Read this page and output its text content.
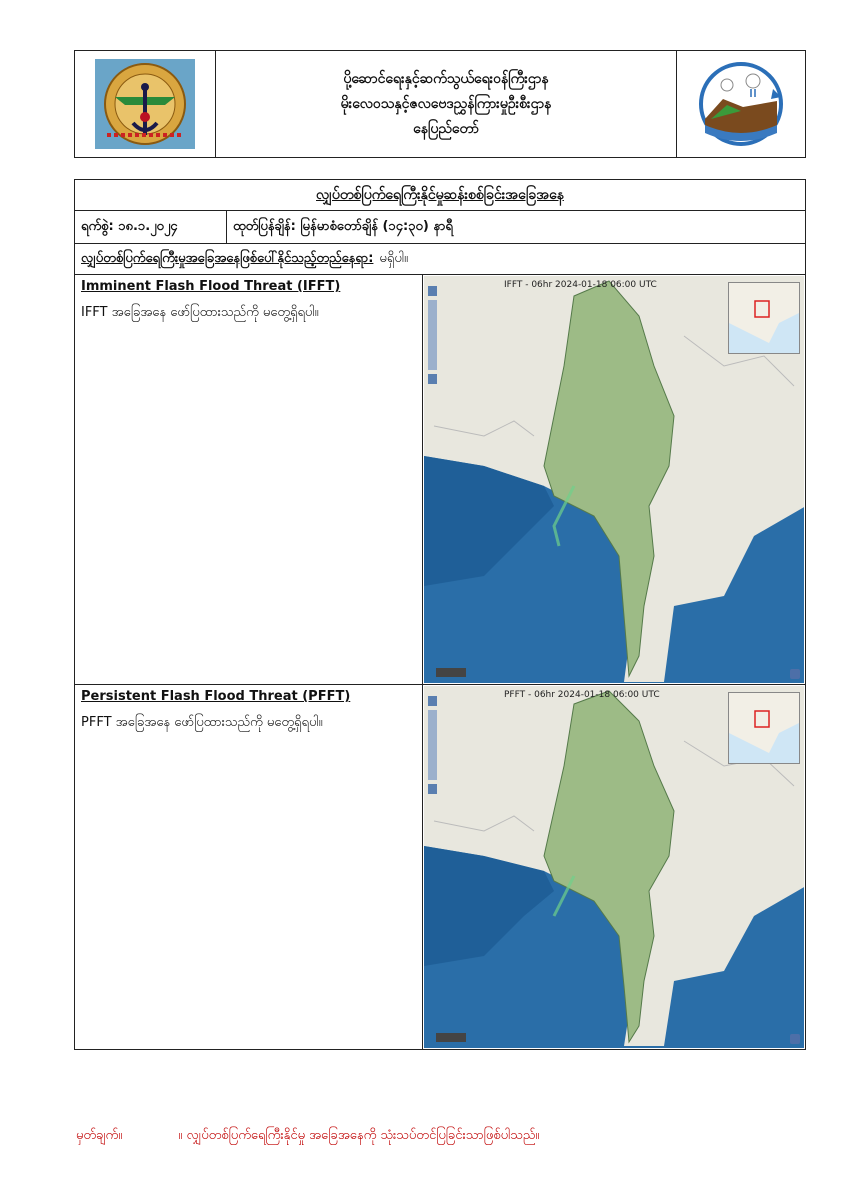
ပို့ဆောင်ရေးနှင့်ဆက်သွယ်ရေးဝန်ကြီးဌာန
မိုးလေဝသနှင့်ဇလဗေဒညွှန်ကြားမှုဦးစီးဌာန
နေပြည်တော်
လျှပ်တစ်ပြက်ရေကြီးနိုင်မှုဆန်းစစ်ခြင်းအခြေအနေ
ရက်စွဲ: ၁၈.၁.၂၀၂၄	ထုတ်ပြန်ချိန်: မြန်မာစံတော်ချိန် (၁၄:၃၀) နာရီ
လျှပ်တစ်ပြက်ရေကြီးမှုအခြေအနေဖြစ်ပေါ်နိုင်သည့်တည်နေရာ: မရှိပါ။
Imminent Flash Flood Threat (IFFT)
IFFT အခြေအနေ ဖော်ပြထားသည်ကို မတွေ့ရှိရပါ။
IFFT - 06hr 2024-01-18 06:00 UTC
Persistent Flash Flood Threat (PFFT)
PFFT အခြေအနေ ဖော်ပြထားသည်ကို မတွေ့ရှိရပါ။
PFFT - 06hr 2024-01-18 06:00 UTC
မှတ်ချက်။	။ လျှပ်တစ်ပြက်ရေကြီးနိုင်မှု အခြေအနေကို သုံးသပ်တင်ပြခြင်းသာဖြစ်ပါသည်။
